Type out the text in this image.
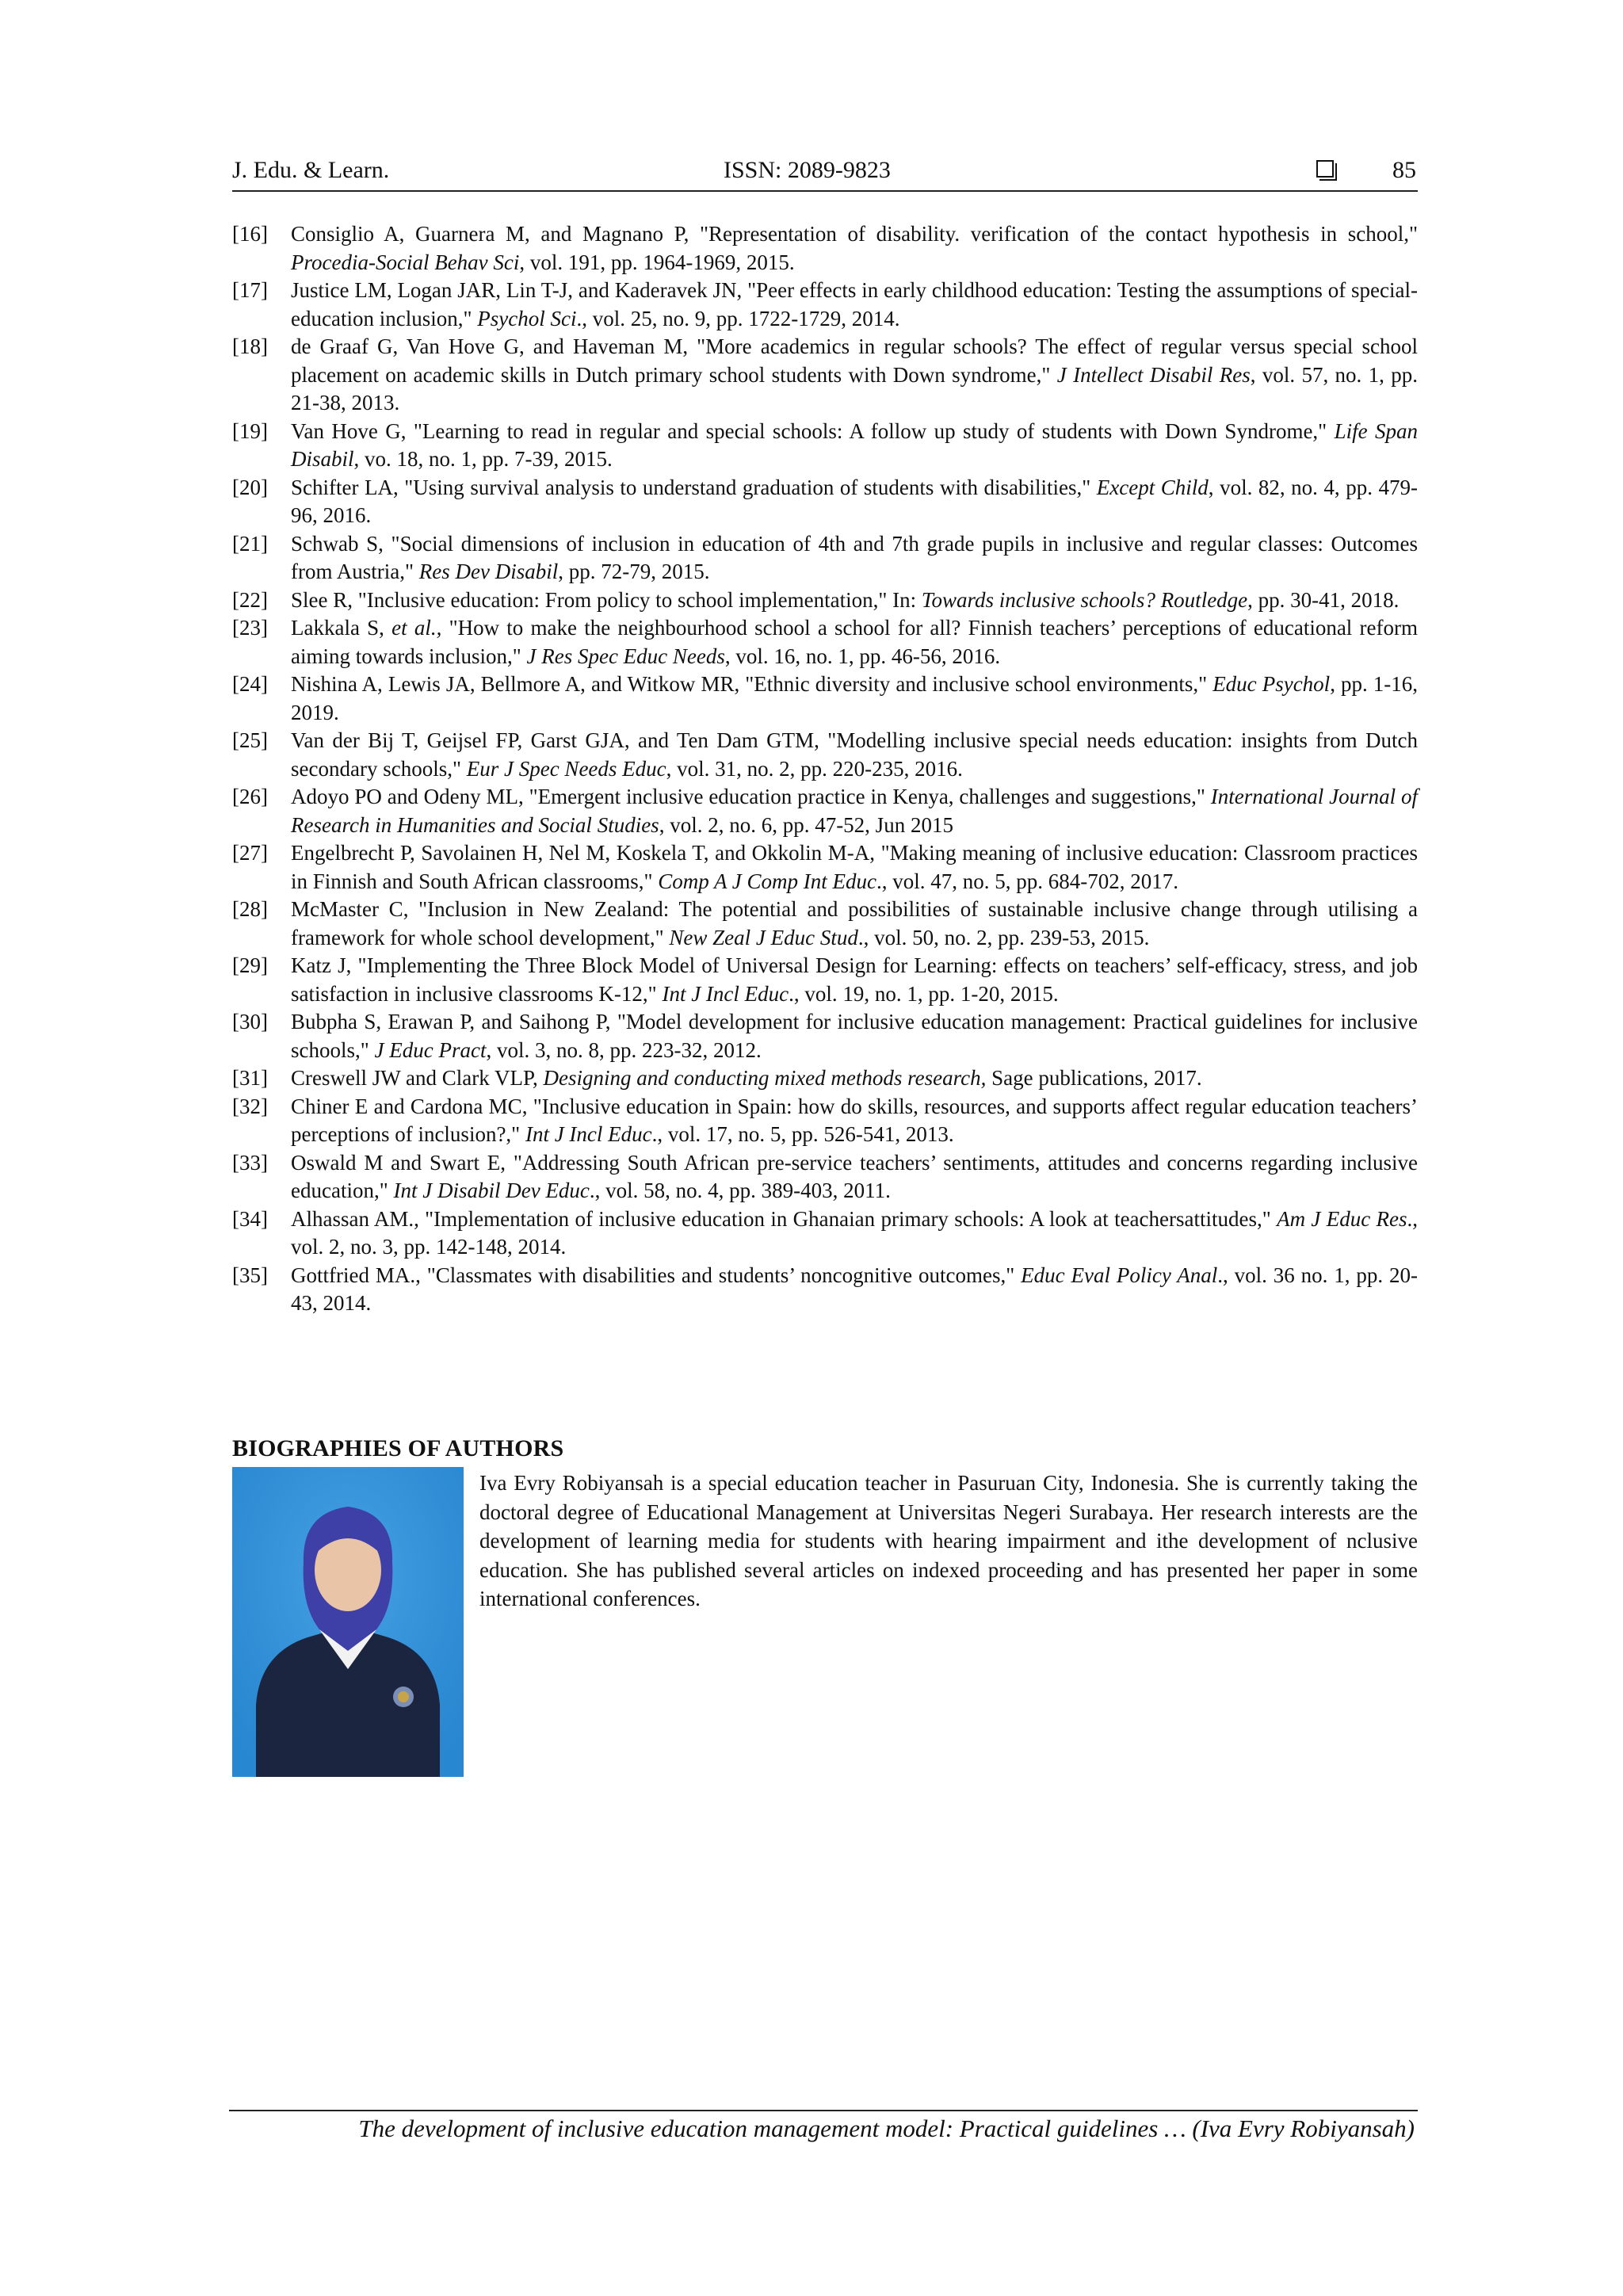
J. Edu. & Learn.	ISSN: 2089-9823	85
[16] Consiglio A, Guarnera M, and Magnano P, "Representation of disability. verification of the contact hypothesis in school," Procedia-Social Behav Sci, vol. 191, pp. 1964-1969, 2015.
[17] Justice LM, Logan JAR, Lin T-J, and Kaderavek JN, "Peer effects in early childhood education: Testing the assumptions of special-education inclusion," Psychol Sci., vol. 25, no. 9, pp. 1722-1729, 2014.
[18] de Graaf G, Van Hove G, and Haveman M, "More academics in regular schools? The effect of regular versus special school placement on academic skills in Dutch primary school students with Down syndrome," J Intellect Disabil Res, vol. 57, no. 1, pp. 21-38, 2013.
[19] Van Hove G, "Learning to read in regular and special schools: A follow up study of students with Down Syndrome," Life Span Disabil, vo. 18, no. 1, pp. 7-39, 2015.
[20] Schifter LA, "Using survival analysis to understand graduation of students with disabilities," Except Child, vol. 82, no. 4, pp. 479-96, 2016.
[21] Schwab S, "Social dimensions of inclusion in education of 4th and 7th grade pupils in inclusive and regular classes: Outcomes from Austria," Res Dev Disabil, pp. 72-79, 2015.
[22] Slee R, "Inclusive education: From policy to school implementation," In: Towards inclusive schools? Routledge, pp. 30-41, 2018.
[23] Lakkala S, et al., "How to make the neighbourhood school a school for all? Finnish teachers’ perceptions of educational reform aiming towards inclusion," J Res Spec Educ Needs, vol. 16, no. 1, pp. 46-56, 2016.
[24] Nishina A, Lewis JA, Bellmore A, and Witkow MR, "Ethnic diversity and inclusive school environments," Educ Psychol, pp. 1-16, 2019.
[25] Van der Bij T, Geijsel FP, Garst GJA, and Ten Dam GTM, "Modelling inclusive special needs education: insights from Dutch secondary schools," Eur J Spec Needs Educ, vol. 31, no. 2, pp. 220-235, 2016.
[26] Adoyo PO and Odeny ML, "Emergent inclusive education practice in Kenya, challenges and suggestions," International Journal of Research in Humanities and Social Studies, vol. 2, no. 6, pp. 47-52, Jun 2015
[27] Engelbrecht P, Savolainen H, Nel M, Koskela T, and Okkolin M-A, "Making meaning of inclusive education: Classroom practices in Finnish and South African classrooms," Comp A J Comp Int Educ., vol. 47, no. 5, pp. 684-702, 2017.
[28] McMaster C, "Inclusion in New Zealand: The potential and possibilities of sustainable inclusive change through utilising a framework for whole school development," New Zeal J Educ Stud., vol. 50, no. 2, pp. 239-53, 2015.
[29] Katz J, "Implementing the Three Block Model of Universal Design for Learning: effects on teachers’ self-efficacy, stress, and job satisfaction in inclusive classrooms K-12," Int J Incl Educ., vol. 19, no. 1, pp. 1-20, 2015.
[30] Bubpha S, Erawan P, and Saihong P, "Model development for inclusive education management: Practical guidelines for inclusive schools," J Educ Pract, vol. 3, no. 8, pp. 223-32, 2012.
[31] Creswell JW and Clark VLP, Designing and conducting mixed methods research, Sage publications, 2017.
[32] Chiner E and Cardona MC, "Inclusive education in Spain: how do skills, resources, and supports affect regular education teachers’ perceptions of inclusion?," Int J Incl Educ., vol. 17, no. 5, pp. 526-541, 2013.
[33] Oswald M and Swart E, "Addressing South African pre-service teachers’ sentiments, attitudes and concerns regarding inclusive education," Int J Disabil Dev Educ., vol. 58, no. 4, pp. 389-403, 2011.
[34] Alhassan AM., "Implementation of inclusive education in Ghanaian primary schools: A look at teachersattitudes," Am J Educ Res., vol. 2, no. 3, pp. 142-148, 2014.
[35] Gottfried MA., "Classmates with disabilities and students’ noncognitive outcomes," Educ Eval Policy Anal., vol. 36 no. 1, pp. 20-43, 2014.
BIOGRAPHIES OF AUTHORS
Iva Evry Robiyansah is a special education teacher in Pasuruan City, Indonesia. She is currently taking the doctoral degree of Educational Management at Universitas Negeri Surabaya. Her research interests are the development of learning media for students with hearing impairment and ithe development of nclusive education. She has published several articles on indexed proceeding and has presented her paper in some international conferences.
The development of inclusive education management model: Practical guidelines … (Iva Evry Robiyansah)
